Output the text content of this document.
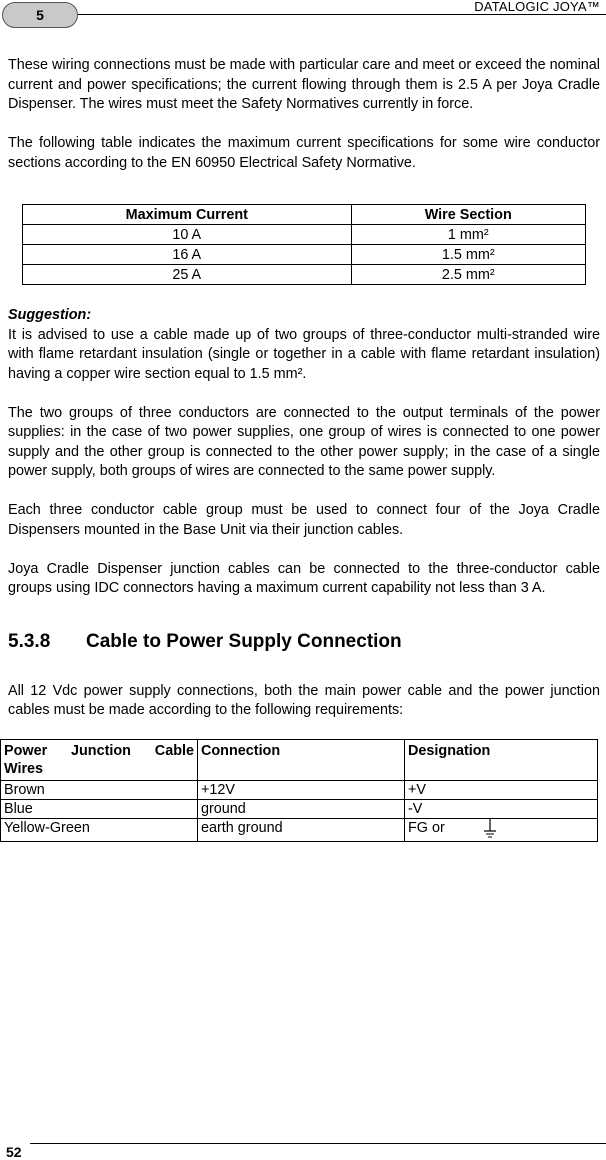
5
DATALOGIC JOYA™

These wiring connections must be made with particular care and meet or exceed the nominal current and power specifications; the current flowing through them is 2.5 A per Joya Cradle Dispenser. The wires must meet the Safety Normatives currently in force.

The following table indicates the maximum current specifications for some wire conductor sections according to the EN 60950 Electrical Safety Normative.

Maximum Current	Wire Section
10 A	1 mm²
16 A	1.5 mm²
25 A	2.5 mm²
Suggestion:

It is advised to use a cable made up of two groups of three-conductor multi-stranded wire with flame retardant insulation (single or together in a cable with flame retardant insulation) having a copper wire section equal to 1.5 mm².

The two groups of three conductors are connected to the output terminals of the power supplies: in the case of two power supplies, one group of wires is connected to one power supply and the other group is connected to the other power supply; in the case of a single power supply, both groups of wires are connected to the same power supply.

Each three conductor cable group must be used to connect four of the Joya Cradle Dispensers mounted in the Base Unit via their junction cables.

Joya Cradle Dispenser junction cables can be connected to the three-conductor cable groups using IDC connectors having a maximum current capability not less than 3 A.

5.3.8 Cable to Power Supply Connection

All 12 Vdc power supply connections, both the main power cable and the power junction cables must be made according to the following requirements:

Power Junction Cable Wires	Connection	Designation
Brown	+12V	+V
Blue	ground	-V
Yellow-Green	earth ground	FG or
52
